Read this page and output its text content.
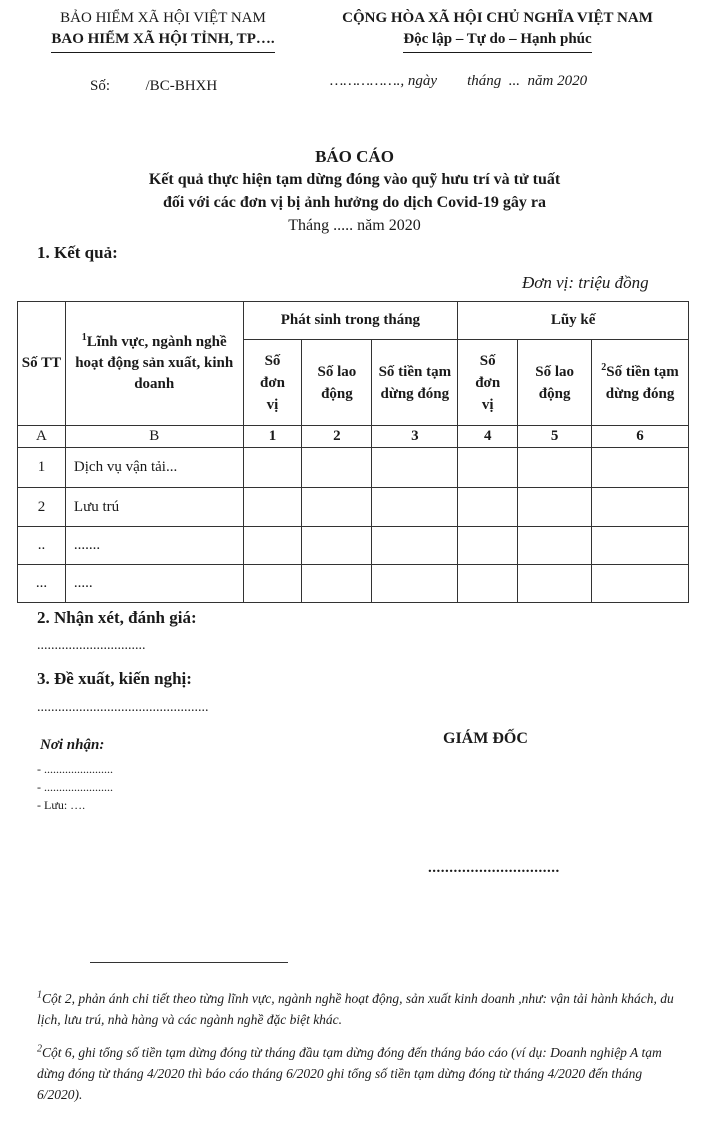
BẢO HIỂM XÃ HỘI VIỆT NAM
BAO HIỂM XÃ HỘI TỈNH, TP….
CỘNG HÒA XÃ HỘI CHỦ NGHĨA VIỆT NAM
Độc lập – Tự do – Hạnh phúc
Số: /BC-BHXH	……………., ngày        tháng  ...  năm 2020
BÁO CÁO
Kết quả thực hiện tạm dừng đóng vào quỹ hưu trí và tử tuất
đối với các đơn vị bị ảnh hưởng do dịch Covid-19 gây ra
Tháng ..... năm 2020
1. Kết quả:
Đơn vị: triệu đồng
Số TT	$^1$Lĩnh vực, ngành nghề hoạt động sản xuất, kinh doanh	Phát sinh trong tháng			Lũy kế		
		Số đơn vị	Số lao động	Số tiền tạm dừng đóng	Số đơn vị	Số lao động	$^2$Số tiền tạm dừng đóng
A	B	1	2	3	4	5	6
1	Dịch vụ vận tải...						
2	Lưu trú						
..	.......						
...	.....						
2. Nhận xét, đánh giá:
...............................
3. Đề xuất, kiến nghị:
.................................................
Nơi nhận:
- .......................
- .......................
- Lưu: ….
GIÁM ĐỐC
...............................
$^1$Cột 2, phản ánh chi tiết theo từng lĩnh vực, ngành nghề hoạt động, sản xuất kinh doanh ,như: vận tải hành khách, du lịch, lưu trú, nhà hàng và các ngành nghề đặc biệt khác.
$^2$Cột 6, ghi tổng số tiền tạm dừng đóng từ tháng đầu tạm dừng đóng đến tháng báo cáo (ví dụ: Doanh nghiệp A tạm dừng đóng từ tháng 4/2020 thì báo cáo tháng 6/2020 ghi tổng số tiền tạm dừng đóng từ tháng 4/2020 đến tháng 6/2020).
